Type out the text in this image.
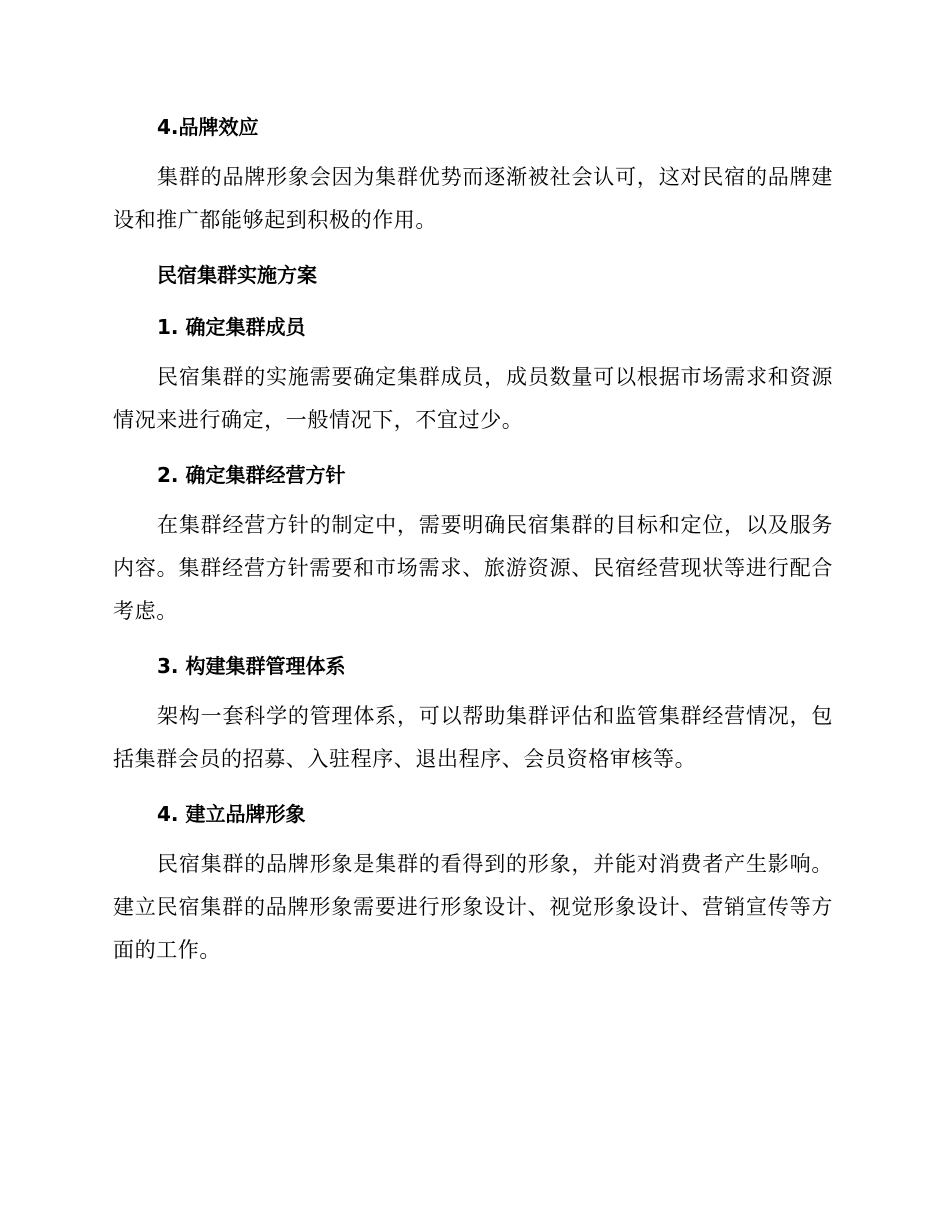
4.品牌效应

集群的品牌形象会因为集群优势而逐渐被社会认可，这对民宿的品牌建设和推广都能够起到积极的作用。

民宿集群实施方案
1. 确定集群成员

民宿集群的实施需要确定集群成员，成员数量可以根据市场需求和资源情况来进行确定，一般情况下，不宜过少。

2. 确定集群经营方针

在集群经营方针的制定中，需要明确民宿集群的目标和定位，以及服务内容。集群经营方针需要和市场需求、旅游资源、民宿经营现状等进行配合考虑。

3. 构建集群管理体系

架构一套科学的管理体系，可以帮助集群评估和监管集群经营情况，包括集群会员的招募、入驻程序、退出程序、会员资格审核等。

4. 建立品牌形象

民宿集群的品牌形象是集群的看得到的形象，并能对消费者产生影响。建立民宿集群的品牌形象需要进行形象设计、视觉形象设计、营销宣传等方面的工作。
